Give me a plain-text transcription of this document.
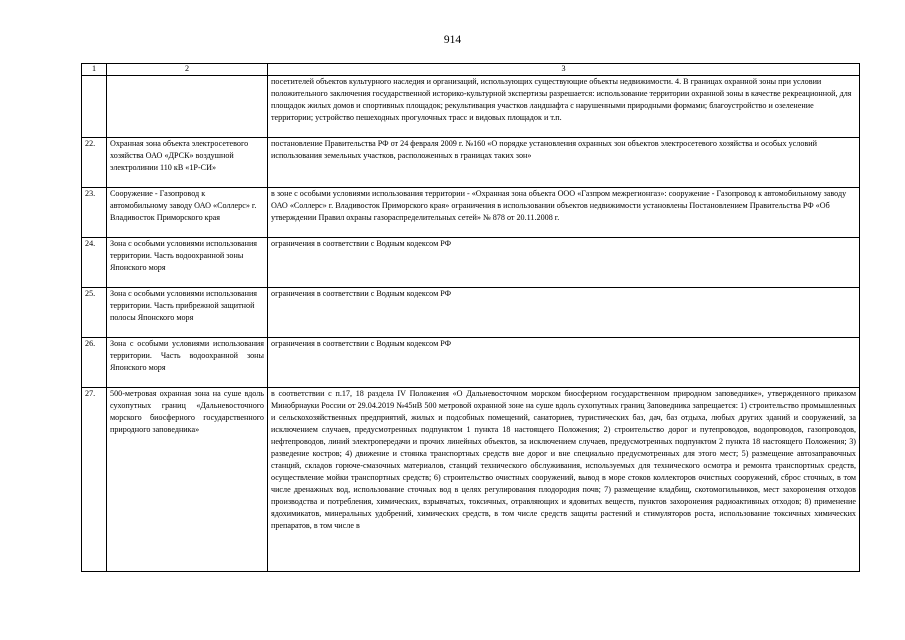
914
1	2	3
		посетителей объектов культурного наследия и организаций, использующих существующие объекты недвижимости. 4. В границах охранной зоны при условии положительного заключения государственной историко-культурной экспертизы разрешается: использование территории охранной зоны в качестве рекреационной, для площадок жилых домов и спортивных площадок; рекультивация участков ландшафта с нарушенными природными формами; благоустройство и озеленение территории; устройство пешеходных прогулочных трасс и видовых площадок и т.п.
22.	Охранная зона объекта электросетевого хозяйства ОАО «ДРСК» воздушной электролинии 110 кВ «1Р-СИ»	постановление Правительства РФ от 24 февраля 2009 г. №160 «О порядке установления охранных зон объектов электросетевого хозяйства и особых условий использования земельных участков, расположенных в границах таких зон»
23.	Сооружение - Газопровод к автомобильному заводу ОАО «Соллерс» г. Владивосток Приморского края	в зоне с особыми условиями использования территории - «Охранная зона объекта ООО «Газпром межрегионгаз»: сооружение - Газопровод к автомобильному заводу ОАО «Соллерс» г. Владивосток Приморского края» ограничения в использовании объектов недвижимости установлены Постановлением Правительства РФ «Об утверждении Правил охраны газораспределительных сетей» № 878 от 20.11.2008 г.
24.	Зона с особыми условиями использования территории. Часть водоохранной зоны Японского моря	ограничения в соответствии с Водным кодексом РФ
25.	Зона с особыми условиями использования территории. Часть прибрежной защитной полосы Японского моря	ограничения в соответствии с Водным кодексом РФ
26.	Зона с особыми условиями использования территории. Часть водоохранной зоны Японского моря	ограничения в соответствии с Водным кодексом РФ
27.	500-метровая охранная зона на суше вдоль сухопутных границ «Дальневосточного морского биосферного государственного природного заповедника»	в соответствии с п.17, 18 раздела IV Положения «О Дальневосточном морском биосферном государственном природном заповеднике», утвержденного приказом Минобрнауки России от 29.04.2019 №45нВ 500 метровой охранной зоне на суше вдоль сухопутных границ Заповедника запрещается: 1) строительство промышленных и сельскохозяйственных предприятий, жилых и подсобных помещений, санаториев, туристических баз, дач, баз отдыха, любых других зданий и сооружений, за исключением случаев, предусмотренных подпунктом 1 пункта 18 настоящего Положения; 2) строительство дорог и путепроводов, водопроводов, газопроводов, нефтепроводов, линий электропередачи и прочих линейных объектов, за исключением случаев, предусмотренных подпунктом 2 пункта 18 настоящего Положения; 3) разведение костров; 4) движение и стоянка транспортных средств вне дорог и вне специально предусмотренных для этого мест; 5) размещение автозаправочных станций, складов горюче-смазочных материалов, станций технического обслуживания, используемых для технического осмотра и ремонта транспортных средств, осуществление мойки транспортных средств; 6) строительство очистных сооружений, вывод в море стоков коллекторов очистных сооружений, сброс сточных, в том числе дренажных вод, использование сточных вод в целях регулирования плодородия почв; 7) размещение кладбищ, скотомогильников, мест захоронения отходов производства и потребления, химических, взрывчатых, токсичных, отравляющих и ядовитых веществ, пунктов захоронения радиоактивных отходов; 8) применение ядохимикатов, минеральных удобрений, химических средств, в том числе средств защиты растений и стимуляторов роста, использование токсичных химических препаратов, в том числе в
